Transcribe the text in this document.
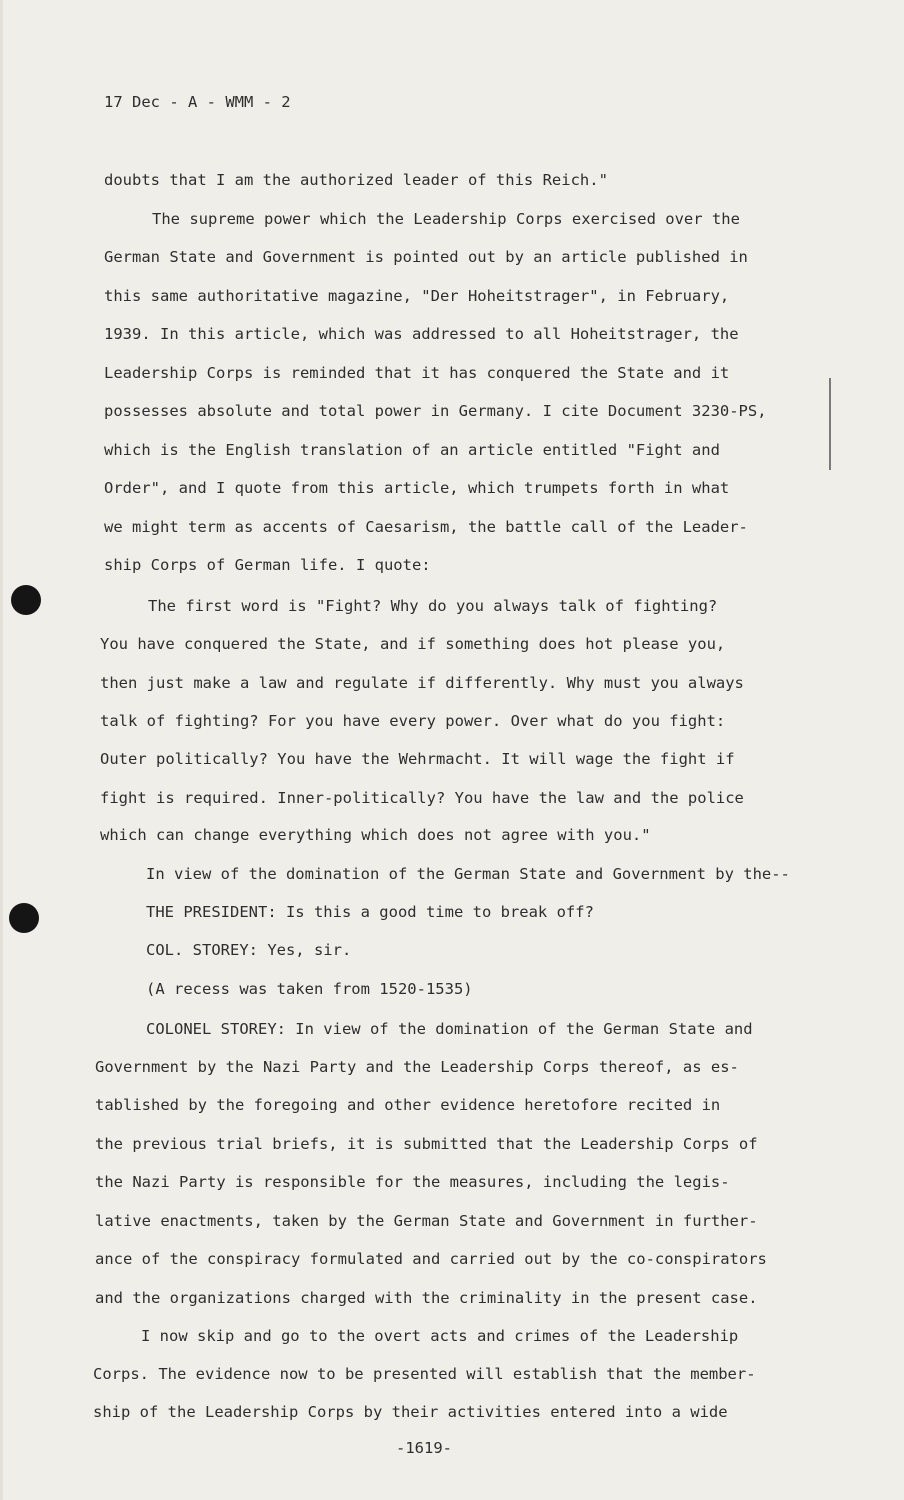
17 Dec - A - WMM - 2
doubts that I am the authorized leader of this Reich."
The supreme power which the Leadership Corps exercised over the
German State and Government is pointed out by an article published in
this same authoritative magazine, "Der Hoheitstrager", in February,
1939. In this article, which was addressed to all Hoheitstrager, the
Leadership Corps is reminded that it has conquered the State and it
possesses absolute and total power in Germany. I cite Document 3230-PS,
which is the English translation of an article entitled "Fight and
Order", and I quote from this article, which trumpets forth in what
we might term as accents of Caesarism, the battle call of the Leader-
ship Corps of German life. I quote:
The first word is "Fight? Why do you always talk of fighting?
You have conquered the State, and if something does hot please you,
then just make a law and regulate if differently. Why must you always
talk of fighting? For you have every power. Over what do you fight:
Outer politically? You have the Wehrmacht. It will wage the fight if
fight is required. Inner-politically? You have the law and the police
which can change everything which does not agree with you."
In view of the domination of the German State and Government by the--
THE PRESIDENT: Is this a good time to break off?
COL. STOREY: Yes, sir.
(A recess was taken from 1520-1535)
COLONEL STOREY: In view of the domination of the German State and
Government by the Nazi Party and the Leadership Corps thereof, as es-
tablished by the foregoing and other evidence heretofore recited in
the previous trial briefs, it is submitted that the Leadership Corps of
the Nazi Party is responsible for the measures, including the legis-
lative enactments, taken by the German State and Government in further-
ance of the conspiracy formulated and carried out by the co-conspirators
and the organizations charged with the criminality in the present case.
I now skip and go to the overt acts and crimes of the Leadership
Corps. The evidence now to be presented will establish that the member-
ship of the Leadership Corps by their activities entered into a wide
-1619-
